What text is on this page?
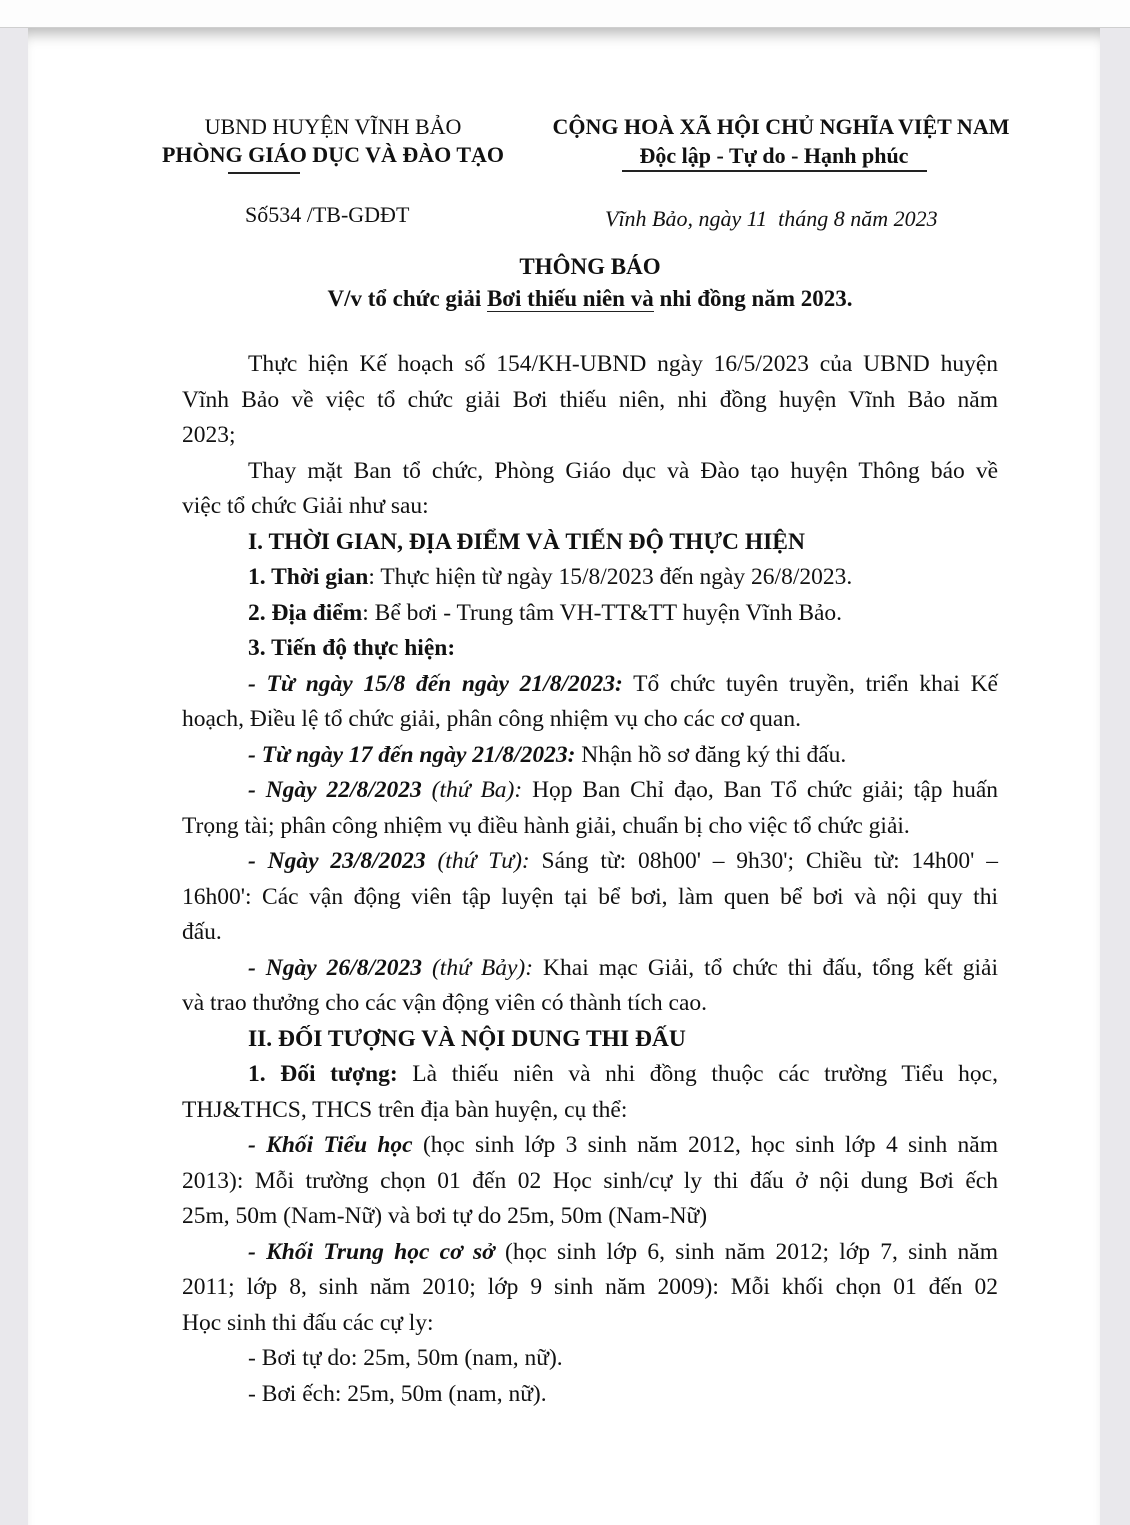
UBND HUYỆN VĨNH BẢO
PHÒNG GIÁO DỤC VÀ ĐÀO TẠO
CỘNG HOÀ XÃ HỘI CHỦ NGHĨA VIỆT NAM
Độc lập - Tự do - Hạnh phúc
Số534 /TB-GDĐT	Vĩnh Bảo, ngày 11  tháng 8 năm 2023
THÔNG BÁO
V/v tổ chức giải Bơi thiếu niên và nhi đồng năm 2023.
Thực hiện Kế hoạch số 154/KH-UBND ngày 16/5/2023 của UBND huyện
Vĩnh Bảo về việc tổ chức giải Bơi thiếu niên, nhi đồng huyện Vĩnh Bảo năm
2023;
Thay mặt Ban tổ chức, Phòng Giáo dục và Đào tạo huyện Thông báo về
việc tổ chức Giải như sau:
I. THỜI GIAN, ĐỊA ĐIỂM VÀ TIẾN ĐỘ THỰC HIỆN
1. Thời gian: Thực hiện từ ngày 15/8/2023 đến ngày 26/8/2023.
2. Địa điểm: Bể bơi - Trung tâm VH-TT&TT huyện Vĩnh Bảo.
3. Tiến độ thực hiện:
- Từ ngày 15/8 đến ngày 21/8/2023: Tổ chức tuyên truyền, triển khai Kế
hoạch, Điều lệ tổ chức giải, phân công nhiệm vụ cho các cơ quan.
- Từ ngày 17 đến ngày 21/8/2023: Nhận hồ sơ đăng ký thi đấu.
- Ngày 22/8/2023 (thứ Ba): Họp Ban Chỉ đạo, Ban Tổ chức giải; tập huấn
Trọng tài; phân công nhiệm vụ điều hành giải, chuẩn bị cho việc tổ chức giải.
- Ngày 23/8/2023 (thứ Tư): Sáng từ: 08h00' – 9h30'; Chiều từ: 14h00' –
16h00': Các vận động viên tập luyện tại bể bơi, làm quen bể bơi và nội quy thi
đấu.
- Ngày 26/8/2023 (thứ Bảy): Khai mạc Giải, tổ chức thi đấu, tổng kết giải
và trao thưởng cho các vận động viên có thành tích cao.
II. ĐỐI TƯỢNG VÀ NỘI DUNG THI ĐẤU
1. Đối tượng: Là thiếu niên và nhi đồng thuộc các trường Tiểu học,
THJ&THCS, THCS trên địa bàn huyện, cụ thể:
- Khối Tiểu học (học sinh lớp 3 sinh năm 2012, học sinh lớp 4 sinh năm
2013): Mỗi trường chọn 01 đến 02 Học sinh/cự ly thi đấu ở nội dung Bơi ếch
25m, 50m (Nam-Nữ) và bơi tự do 25m, 50m (Nam-Nữ)
- Khối Trung học cơ sở (học sinh lớp 6, sinh năm 2012; lớp 7, sinh năm
2011; lớp 8, sinh năm 2010; lớp 9 sinh năm 2009): Mỗi khối chọn 01 đến 02
Học sinh thi đấu các cự ly:
- Bơi tự do: 25m, 50m (nam, nữ).
- Bơi ếch: 25m, 50m (nam, nữ).
